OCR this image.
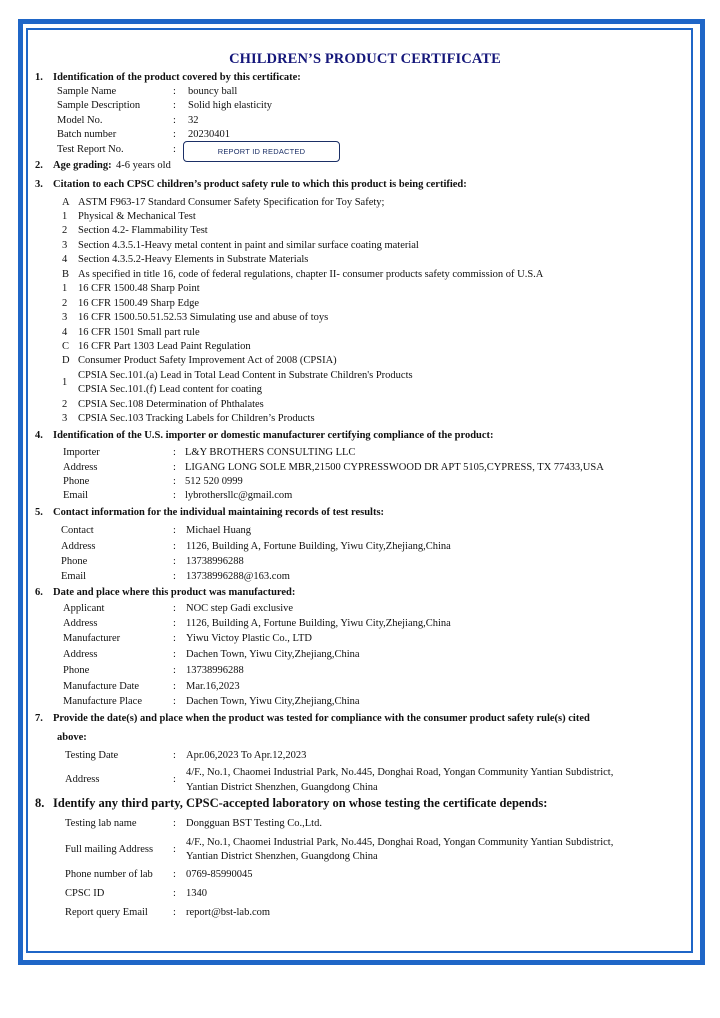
CHILDREN’S PRODUCT CERTIFICATE
1. Identification of the product covered by this certificate:
Sample Name	: bouncy ball
Sample Description	: Solid high elasticity
Model No.	: 32
Batch number	: 20230401
Test Report No.	:
2. Age grading: 4-6 years old
3. Citation to each CPSC children’s product safety rule to which this product is being certified:
A ASTM F963-17 Standard Consumer Safety Specification for Toy Safety;
1 Physical & Mechanical Test
2 Section 4.2- Flammability Test
3 Section 4.3.5.1-Heavy metal content in paint and similar surface coating material
4 Section 4.3.5.2-Heavy Elements in Substrate Materials
B As specified in title 16, code of federal regulations, chapter II- consumer products safety commission of U.S.A
1 16 CFR 1500.48 Sharp Point
2 16 CFR 1500.49 Sharp Edge
3 16 CFR 1500.50.51.52.53 Simulating use and abuse of toys
4 16 CFR 1501 Small part rule
C 16 CFR Part 1303 Lead Paint Regulation
D Consumer Product Safety Improvement Act of 2008 (CPSIA)
1
CPSIA Sec.101.(a) Lead in Total Lead Content in Substrate Children's Products
CPSIA Sec.101.(f) Lead content for coating
2 CPSIA Sec.108 Determination of Phthalates
3 CPSIA Sec.103 Tracking Labels for Children’s Products
4. Identification of the U.S. importer or domestic manufacturer certifying compliance of the product:
Importer	: L&Y BROTHERS CONSULTING LLC
Address	: LIGANG LONG SOLE MBR,21500 CYPRESSWOOD DR APT 5105,CYPRESS, TX 77433,USA
Phone	: 512 520 0999
Email	: lybrothersllc@gmail.com
5. Contact information for the individual maintaining records of test results:
Contact	: Michael Huang
Address	: 1126, Building A, Fortune Building, Yiwu City,Zhejiang,China
Phone	: 13738996288
Email	: 13738996288@163.com
6. Date and place where this product was manufactured:
Applicant	: NOC step Gadi exclusive
Address	: 1126, Building A, Fortune Building, Yiwu City,Zhejiang,China
Manufacturer	: Yiwu Victoy Plastic Co., LTD
Address	: Dachen Town, Yiwu City,Zhejiang,China
Phone	: 13738996288
Manufacture Date	: Mar.16,2023
Manufacture Place	: Dachen Town, Yiwu City,Zhejiang,China
7. Provide the date(s) and place when the product was tested for compliance with the consumer product safety rule(s) cited
above:
Testing Date	: Apr.06,2023 To Apr.12,2023
Address	:
4/F., No.1, Chaomei Industrial Park, No.445, Donghai Road, Yongan Community Yantian Subdistrict,
Yantian District Shenzhen, Guangdong China
8. Identify any third party, CPSC-accepted laboratory on whose testing the certificate depends:
Testing lab name	: Dongguan BST Testing Co.,Ltd.
Full mailing Address :
4/F., No.1, Chaomei Industrial Park, No.445, Donghai Road, Yongan Community Yantian Subdistrict,
Yantian District Shenzhen, Guangdong China
Phone number of lab : 0769-85990045
CPSC ID	: 1340
Report query Email : report@bst-lab.com
REPORT ID REDACTED
